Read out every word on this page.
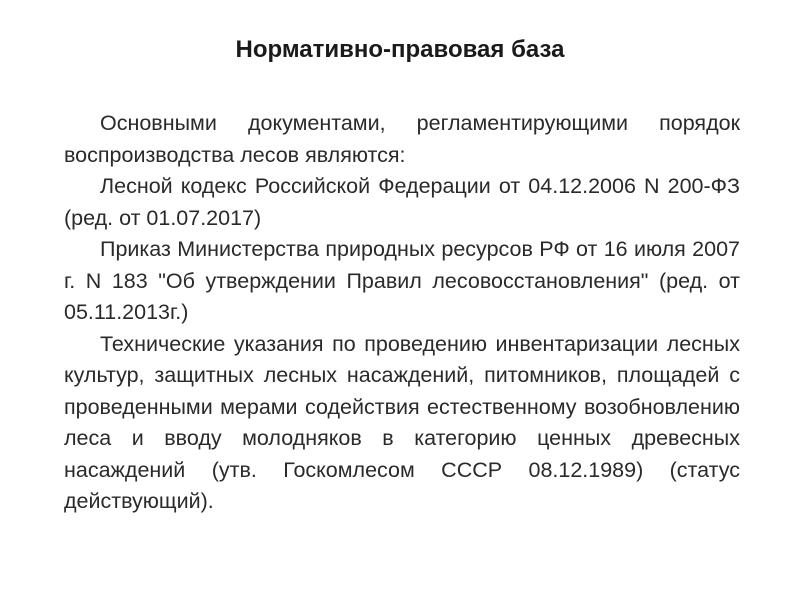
Нормативно-правовая база

Основными документами, регламентирующими порядок воспроизводства лесов являются:

Лесной кодекс Российской Федерации от 04.12.2006 N 200-ФЗ (ред. от 01.07.2017)

Приказ Министерства природных ресурсов РФ от 16 июля 2007 г. N 183 "Об утверждении Правил лесовосстановления" (ред. от 05.11.2013г.)

Технические указания по проведению инвентаризации лесных культур, защитных лесных насаждений, питомников, площадей с проведенными мерами содействия естественному возобновлению леса и вводу молодняков в категорию ценных древесных насаждений (утв. Госкомлесом СССР 08.12.1989) (статус действующий).
